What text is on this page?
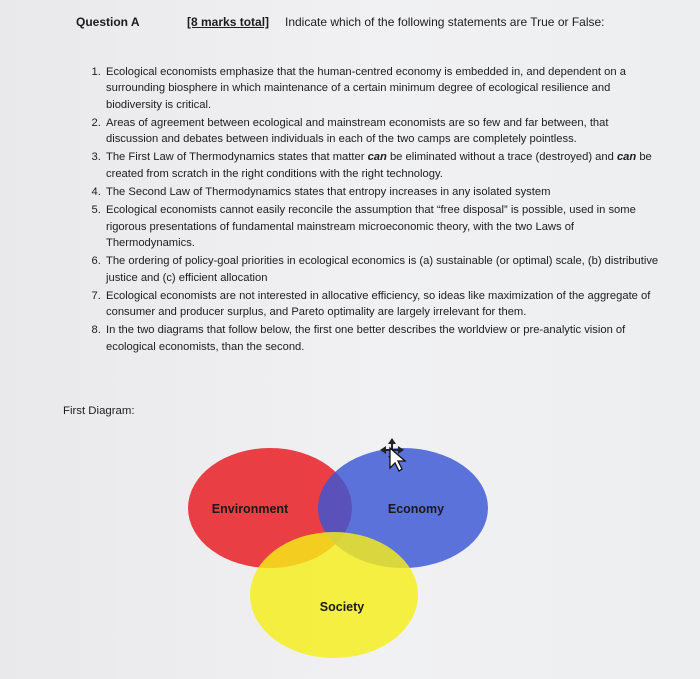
Question A	[8 marks total] Indicate which of the following statements are True or False:
1. Ecological economists emphasize that the human-centred economy is embedded in, and dependent on a surrounding biosphere in which maintenance of a certain minimum degree of ecological resilience and biodiversity is critical.
2. Areas of agreement between ecological and mainstream economists are so few and far between, that discussion and debates between individuals in each of the two camps are completely pointless.
3. The First Law of Thermodynamics states that matter can be eliminated without a trace (destroyed) and can be created from scratch in the right conditions with the right technology.
4. The Second Law of Thermodynamics states that entropy increases in any isolated system
5. Ecological economists cannot easily reconcile the assumption that “free disposal” is possible, used in some rigorous presentations of fundamental mainstream microeconomic theory, with the two Laws of Thermodynamics.
6. The ordering of policy-goal priorities in ecological economics is (a) sustainable (or optimal) scale, (b) distributive justice and (c) efficient allocation
7. Ecological economists are not interested in allocative efficiency, so ideas like maximization of the aggregate of consumer and producer surplus, and Pareto optimality are largely irrelevant for them.
8. In the two diagrams that follow below, the first one better describes the worldview or pre-analytic vision of ecological economists, than the second.
First Diagram:
Environment	Economy
Society
